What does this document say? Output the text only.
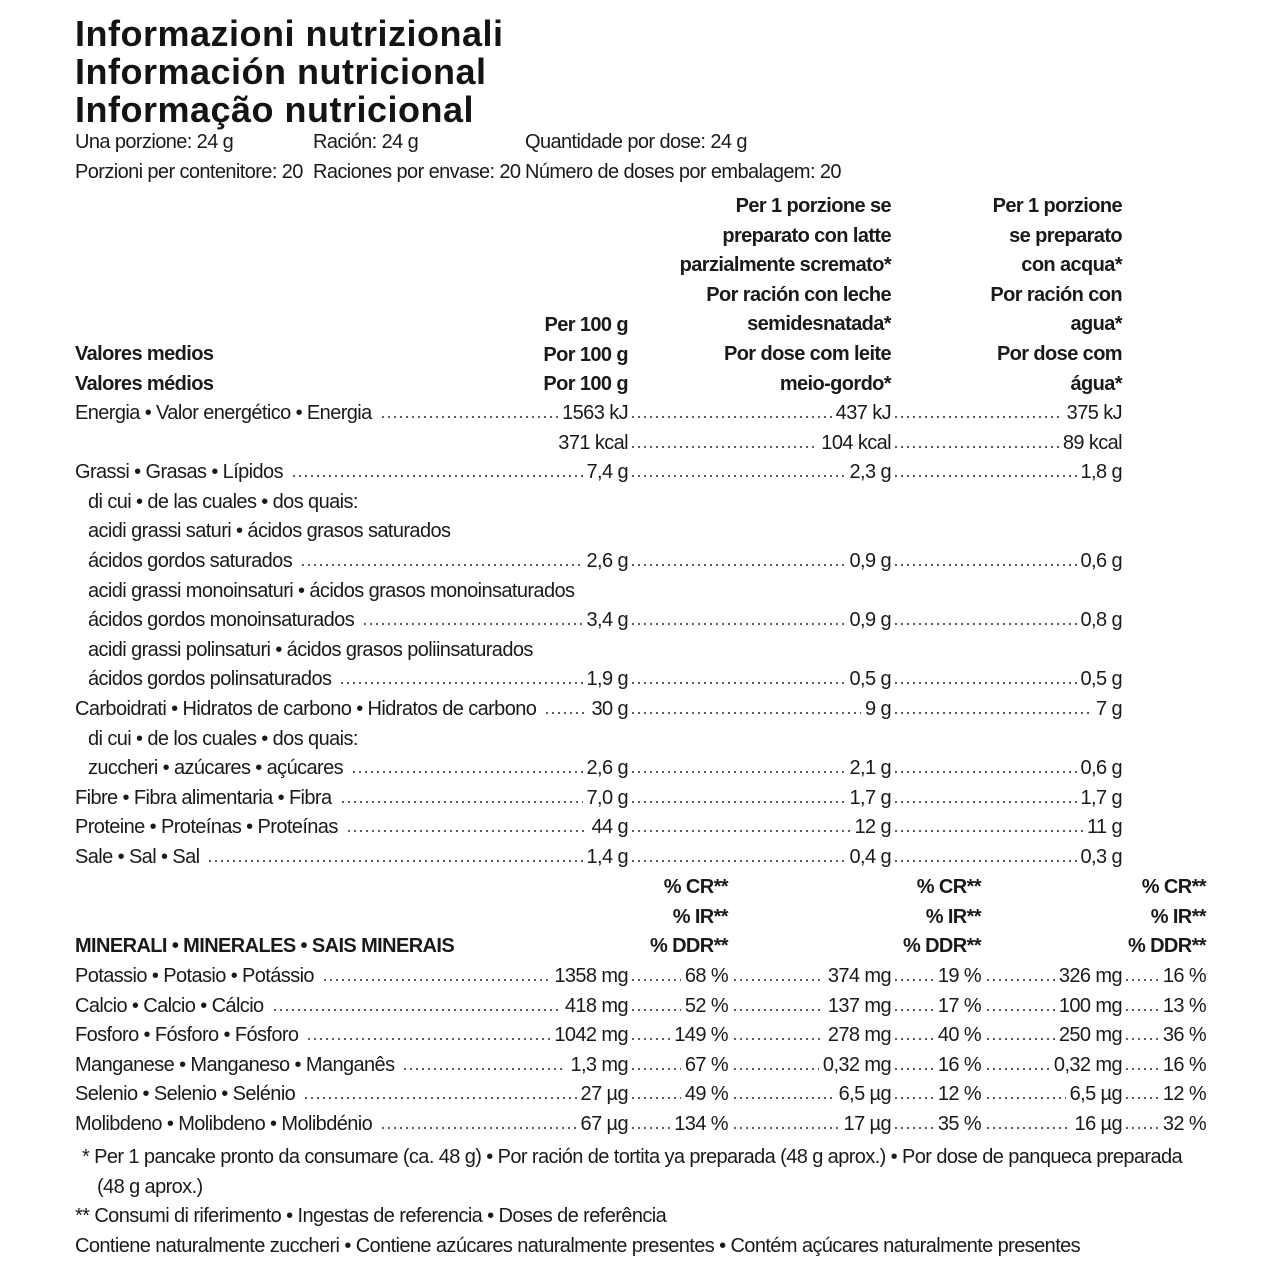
Informazioni nutrizionali
Información nutricional
Informação nutricional
Una porzione: 24 g	Ración: 24 g	Quantidade por dose: 24 g
Porzioni per contenitore: 20 Raciones por envase: 20 Número de doses por embalagem: 20
Per 1 porzione se	Per 1 porzione
preparato con latte	se preparato
parzialmente scremato*	con acqua*
Por ración con leche	Por ración con
semidesnatada*	agua*
Por dose com leite	Por dose com
meio-gordo*	água*
Per 100 g
Por 100 g
Por 100 g
Valores medios
Valores médios
Energia • Valor energético • Energia	1563 kJ	437 kJ	375 kJ
371 kcal	104 kcal	89 kcal
Grassi • Grasas • Lípidos	7,4 g	2,3 g	1,8 g
di cui • de las cuales • dos quais:
acidi grassi saturi • ácidos grasos saturados
ácidos gordos saturados	2,6 g	0,9 g	0,6 g
acidi grassi monoinsaturi • ácidos grasos monoinsaturados
ácidos gordos monoinsaturados	3,4 g	0,9 g	0,8 g
acidi grassi polinsaturi • ácidos grasos poliinsaturados
ácidos gordos polinsaturados	1,9 g	0,5 g	0,5 g
Carboidrati • Hidratos de carbono • Hidratos de carbono	30 g	9 g	7 g
di cui • de los cuales • dos quais:
zuccheri • azúcares • açúcares	2,6 g	2,1 g	0,6 g
Fibre • Fibra alimentaria • Fibra	7,0 g	1,7 g	1,7 g
Proteine • Proteínas • Proteínas	44 g	12 g	11 g
Sale • Sal • Sal	1,4 g	0,4 g	0,3 g
% CR**	% CR**	% CR**
% IR**	% IR**	% IR**
% DDR**	% DDR**	% DDR**
MINERALI • MINERALES • SAIS MINERAIS
Potassio • Potasio • Potássio	1358 mg	68 %	374 mg 19 %	326 mg 16 %
Calcio • Calcio • Cálcio	418 mg	52 %	137 mg 17 %	100 mg 13 %
Fosforo • Fósforo • Fósforo	1042 mg 149 %	278 mg 40 %	250 mg 36 %
Manganese • Manganeso • Manganês	1,3 mg	67 %	0,32 mg 16 %	0,32 mg 16 %
Selenio • Selenio • Selénio	27 µg	49 %	6,5 µg 12 %	6,5 µg 12 %
Molibdeno • Molibdeno • Molibdénio	67 µg 134 %	17 µg 35 %	16 µg 32 %
* Per 1 pancake pronto da consumare (ca. 48 g) • Por ración de tortita ya preparada (48 g aprox.) • Por dose de panqueca preparada
(48 g aprox.)
** Consumi di riferimento • Ingestas de referencia • Doses de referência
Contiene naturalmente zuccheri • Contiene azúcares naturalmente presentes • Contém açúcares naturalmente presentes
